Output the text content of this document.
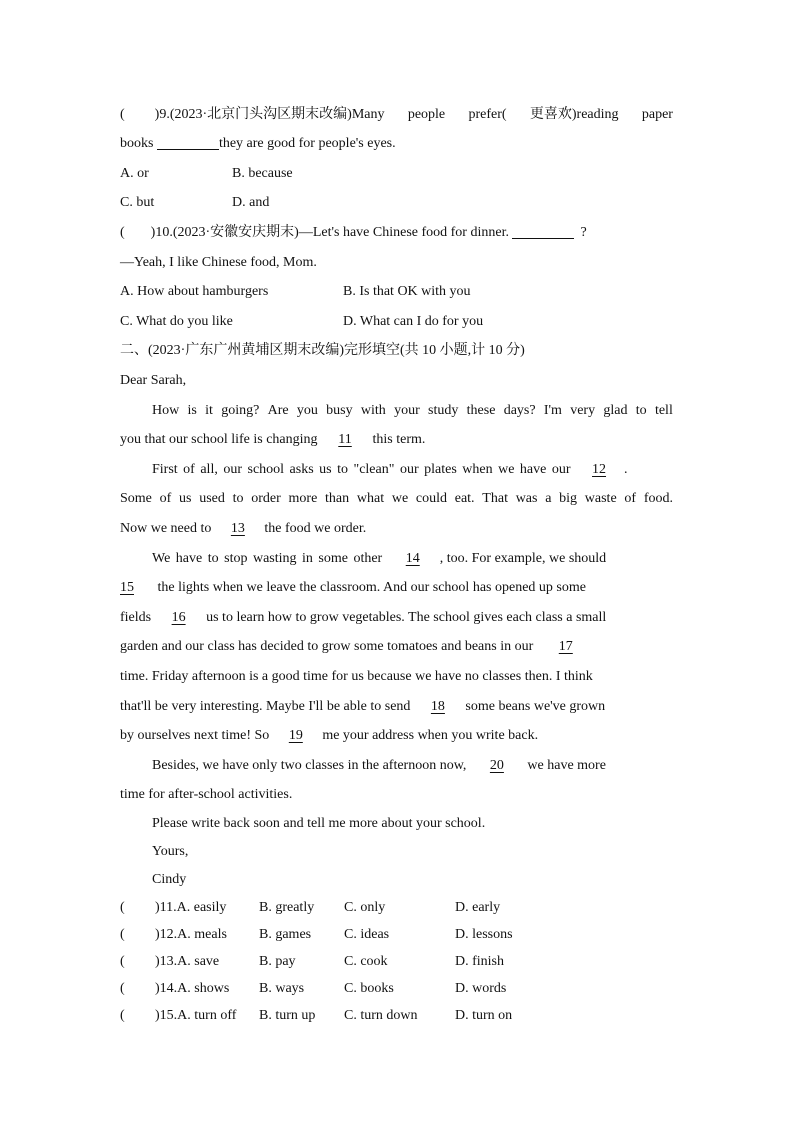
( )9.(2023·北京门头沟区期末改编)Many people prefer( 更喜欢)reading paper
books	they are good for people's eyes.
A. or	B. because
C. but	D. and
( )10.(2023·安徽安庆期末)—Let's have Chinese food for dinner.	?
—Yeah, I like Chinese food, Mom.
A. How about hamburgers	B. Is that OK with you
C. What do you like	D. What can I do for you
二、(2023·广东广州黄埔区期末改编)完形填空(共 10 小题,计 10 分)
Dear Sarah,
How is it going? Are you busy with your study these days? I'm very glad to tell
you that our school life is changing 11 this term.
First of all, our school asks us to "clean" our plates when we have our 12 .
Some of us used to order more than what we could eat. That was a big waste of food.
Now we need to 13 the food we order.
We have to stop wasting in some other 14 , too. For example, we should
15 the lights when we leave the classroom. And our school has opened up some
fields 16 us to learn how to grow vegetables. The school gives each class a small
garden and our class has decided to grow some tomatoes and beans in our 17
time. Friday afternoon is a good time for us because we have no classes then. I think
that'll be very interesting. Maybe I'll be able to send 18 some beans we've grown
by ourselves next time! So 19 me your address when you write back.
Besides, we have only two classes in the afternoon now, 20 we have more
time for after-school activities.
Please write back soon and tell me more about your school.
Yours,
Cindy
( )11.A. easily B. greatly C. only	D. early
( )12.A. meals B. games C. ideas	D. lessons
( )13.A. save	B. pay	C. cook	D. finish
( )14.A. shows B. ways	C. books	D. words
( )15.A. turn off B. turn up C. turn down	D. turn on
